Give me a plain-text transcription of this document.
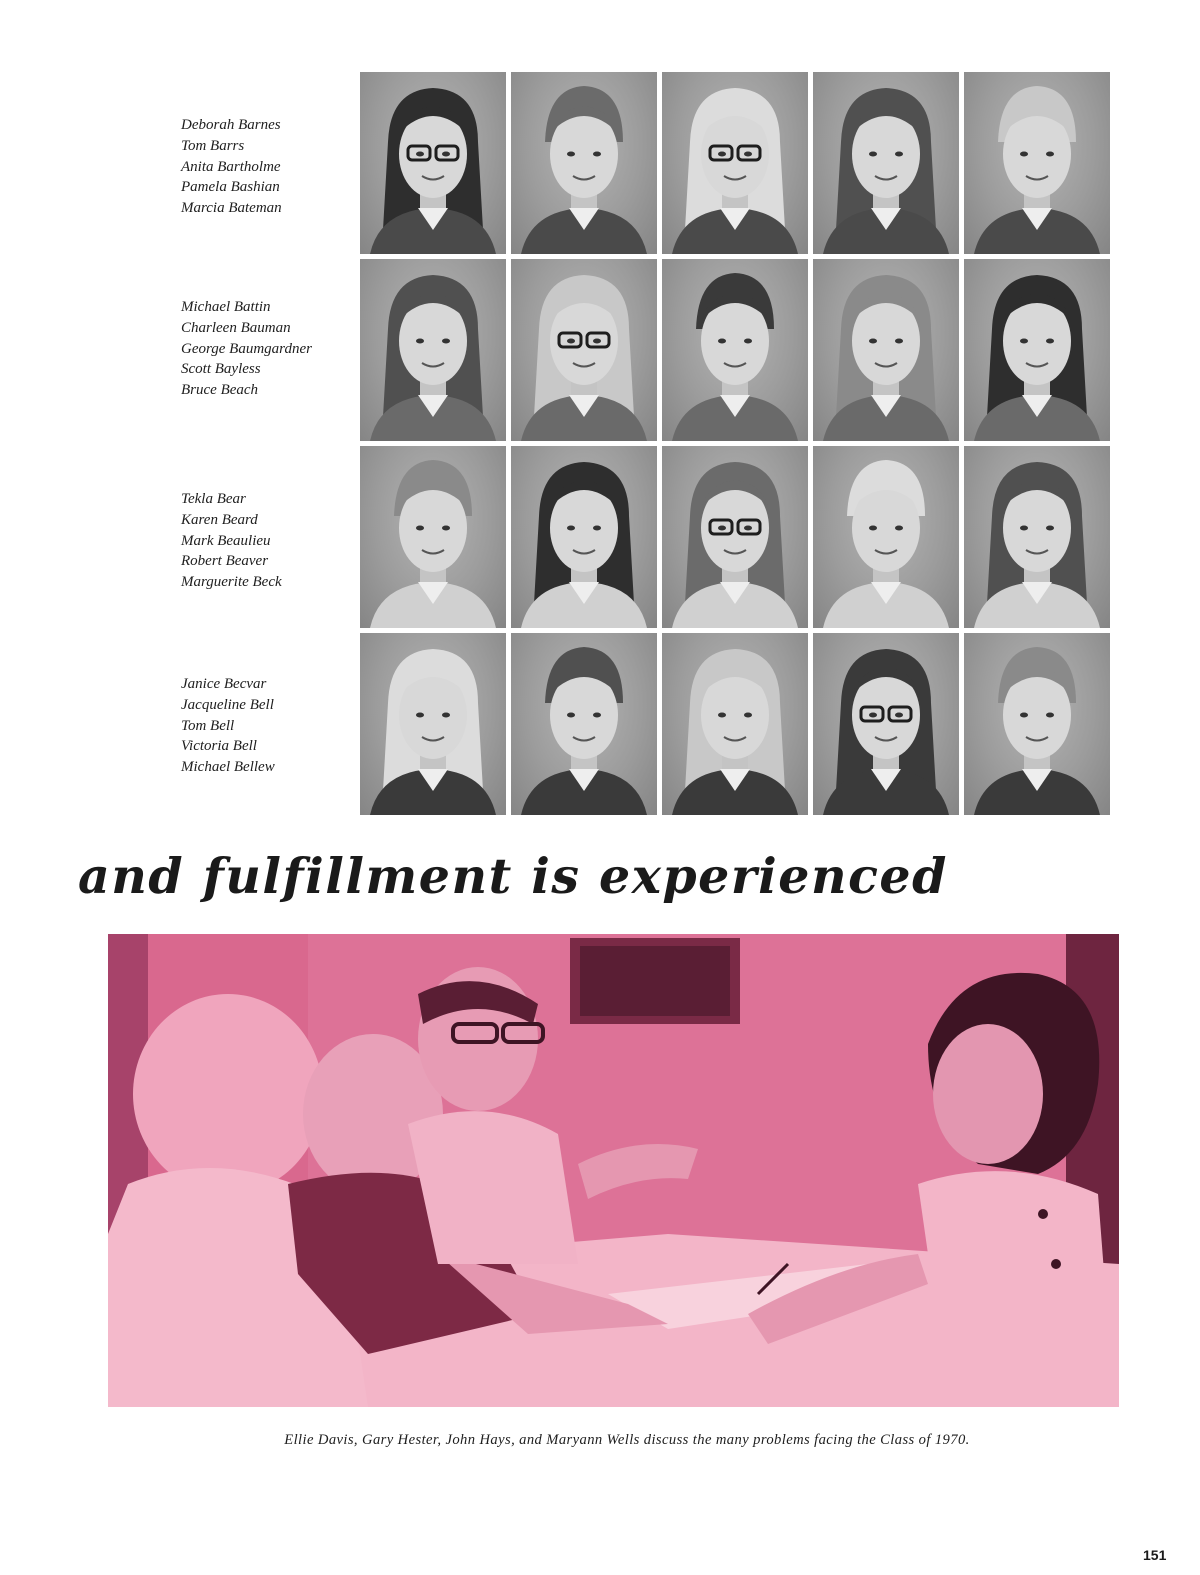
Deborah Barnes
Tom Barrs
Anita Bartholme
Pamela Bashian
Marcia Bateman
Michael Battin
Charleen Bauman
George Baumgardner
Scott Bayless
Bruce Beach
Tekla Bear
Karen Beard
Mark Beaulieu
Robert Beaver
Marguerite Beck
Janice Becvar
Jacqueline Bell
Tom Bell
Victoria Bell
Michael Bellew
and fulfillment is experienced

Ellie Davis, Gary Hester, John Hays, and Maryann Wells discuss the many problems facing the Class of 1970.

151
